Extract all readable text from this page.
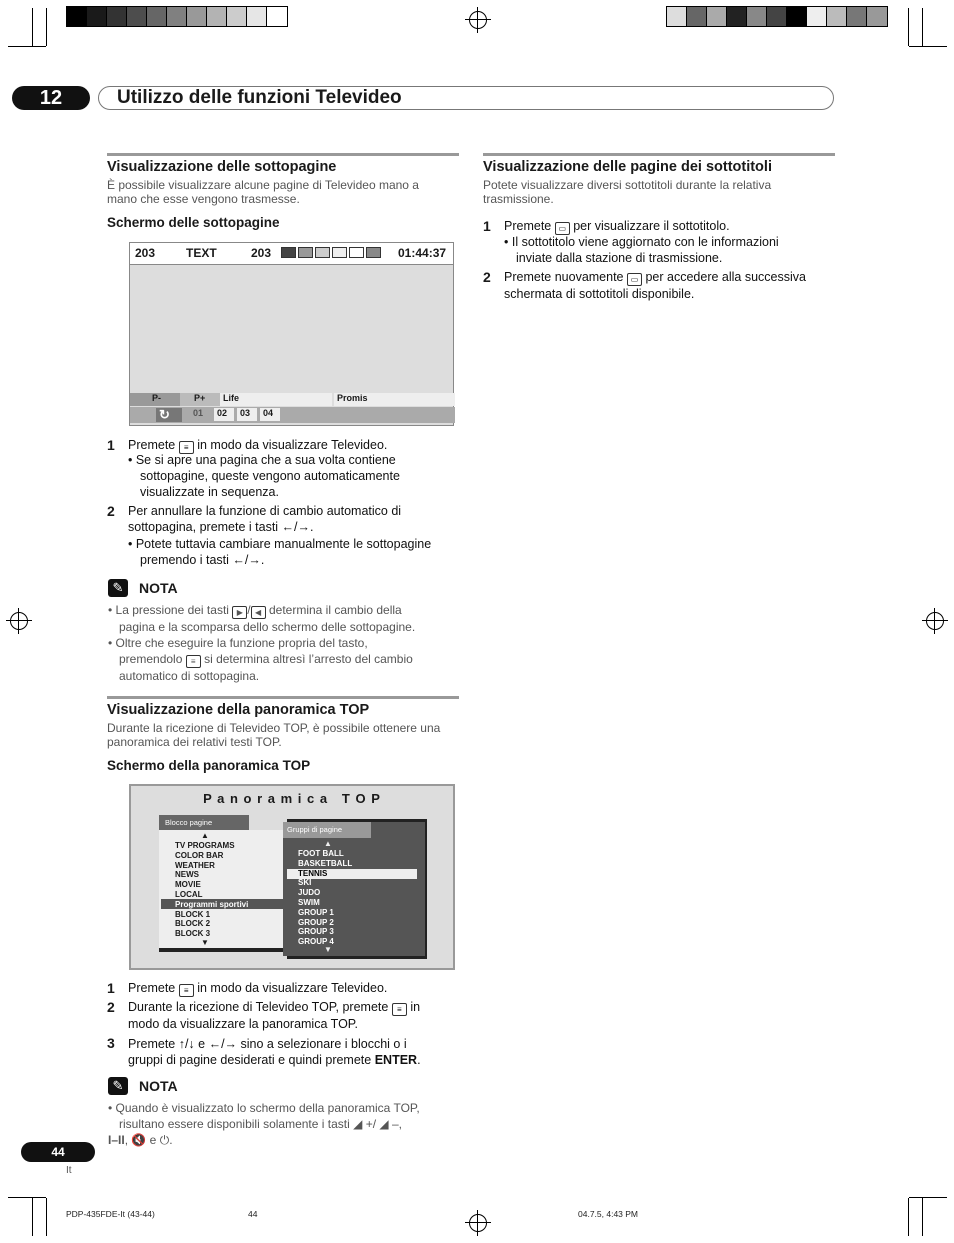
12	Utilizzo delle funzioni Televideo
Visualizzazione delle sottopagine
È possibile visualizzare alcune pagine di Televideo mano a
mano che esse vengono trasmesse.
Schermo delle sottopagine
203	TEXT	203	01:44:37
P-	P+	Life	Promis
↻	01	02	03	04
1 Premete ≡ in modo da visualizzare Televideo.
• Se si apre una pagina che a sua volta contiene
sottopagine, queste vengono automaticamente
visualizzate in sequenza.
2 Per annullare la funzione di cambio automatico di
sottopagina, premete i tasti ←/→.
• Potete tuttavia cambiare manualmente le sottopagine
premendo i tasti ←/→.
✎	NOTA
• La pressione dei tasti ▶ / ◀ determina il cambio della
pagina e la scomparsa dello schermo delle sottopagine.
• Oltre che eseguire la funzione propria del tasto,
premendolo ≡ si determina altresì l’arresto del cambio
automatico di sottopagina.
Visualizzazione della panoramica TOP
Durante la ricezione di Televideo TOP, è possibile ottenere una
panoramica dei relativi testi TOP.
Schermo della panoramica TOP
P a n o r a m i c a   T O P
Blocco pagine
▲
TV PROGRAMS
COLOR BAR
WEATHER
NEWS
MOVIE
LOCAL
Programmi sportivi
BLOCK 1
BLOCK 2
BLOCK 3
▼
Gruppi di pagine
▲
FOOT BALL
BASKETBALL
TENNIS
SKI
JUDO
SWIM
GROUP 1
GROUP 2
GROUP 3
GROUP 4
▼
1 Premete ≡ in modo da visualizzare Televideo.
2 Durante la ricezione di Televideo TOP, premete ≡ in
modo da visualizzare la panoramica TOP.
3 Premete ↑/↓ e ←/→ sino a selezionare i blocchi o i
gruppi di pagine desiderati e quindi premete ENTER.
✎	NOTA
• Quando è visualizzato lo schermo della panoramica TOP,
risultano essere disponibili solamente i tasti ◢ +/ ◢ –,
I–II, 🔇 e ⏻.
Visualizzazione delle pagine dei sottotitoli
Potete visualizzare diversi sottotitoli durante la relativa
trasmissione.
1 Premete ▭ per visualizzare il sottotitolo.
• Il sottotitolo viene aggiornato con le informazioni
inviate dalla stazione di trasmissione.
2 Premete nuovamente ▭ per accedere alla successiva
schermata di sottotitoli disponibile.
44
It
PDP-435FDE-It (43-44)	44	04.7.5, 4:43 PM
